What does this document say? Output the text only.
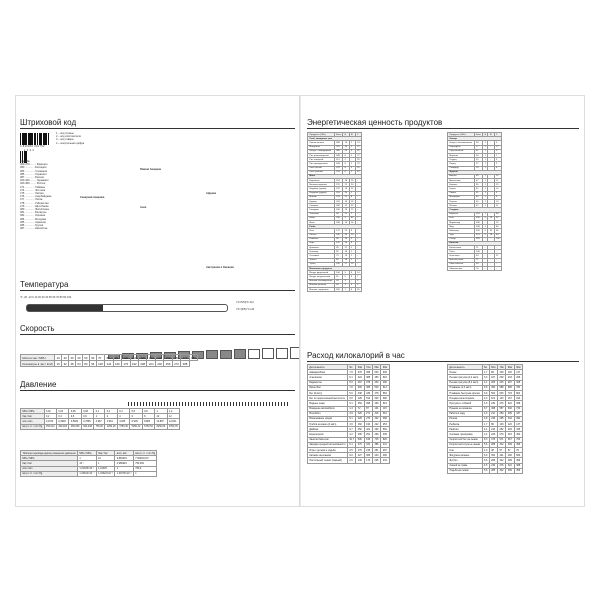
Штриховой код
4 810000 091752
1 2 3 4
1 – код страны
2 – код изготовителя
3 – код товара
4 – контрольная цифра
Европа
300-379 ........ Франция
380 ............. Болгария
383 ............. Словения
385 ............. Хорватия
387 ............. Босния
400-440 ........ Германия
460-469 ........ Россия
471 ............. Тайвань
474 ............. Эстония
475 ............. Латвия
476 ............. Азербайджан
477 ............. Литва
478 ............. Узбекистан
479 ............. Шри-Ланка
480 ............. Филиппины
481 ............. Беларусь
482 ............. Украина
484 ............. Молдова
485 ............. Армения
486 ............. Грузия
487 ............. Казахстан
Северная Америка
Южная Америка
Азия
Африка
Австралия и Океания
Температура
°F -20 -10 0 10 20 30 40 50 60 70 80 90 100
t°C=5/9(t°F-32)
t°F=(9/5)t°C+32
Скорость
Мили в час / MPH	10	20	30	40	50	60	70	80	90	100	110	120	130	140	150	160	170	180
Километры в час / km/h	16	32	48	64	80	96	128	144	160	176	192	208	224	240	256	272	288	
Давление
МПа / MPa	0,02	0,04	0,06	0,08	0,1	0,2	0,4	0,6	0,8	1	1,2
бар / bar	0,2	0,4	0,6	0,8	1	2	4	6	8	10	12
атм / atm	0,1974	0,3948	0,5922	0,7896	0,987	2,961	4,935	6,909	8,883	10,857	12,831
мм рт. ст. / mm Hg	150,012	300,024	450,036	600,048	750,06	2250,18	3750,30	5250,42	6750,54	8250,66	9750,78
Таблица перевода единиц измерения давления	МПа / MPa	бар / bar	атм / atm	мм рт. ст. / mm Hg
МПа / MPa	1	10	9,869233	7,50062×10³
бар / bar	10⁻¹	1	0,986923	750,062
атм / atm	1,01325×10⁻¹	1,01325	1	760,0
мм рт. ст. / mm Hg	1,33322×10⁻⁴	1,33322×10⁻³	1,31579×10⁻³	1
Энергетическая ценность продуктов
Продукты (100г)	Ккал	Б	Ж	У
Хлеб, макароны, рис				
Лапша яичная	384	14	2	74
Макароны	337	10	1	71
Пицца с помидорами	368	23	4	52
Рис длиннозерный	349	6	1	77
Рис отварной	113	2	-	25
Рис пропаренный	344	8	1	76
Хлеб белый	279	8	2	52
Хлеб ржаной	214	6	1	42
Мясо				
Баранина	224	18	15	-
Ветчина варёная	270	22	20	-
Индейка (тушка)	276	19	22	-
Индейка (грудка)	105	24	1	-
Кролик	153	21	8	-
Курица	241	18	19	-
Свинина	356	17	32	-
Говядина	190	19	12	-
Телятина	94	21	1	-
Шпик	750	3	82	-
Язык	208	16	16	-
Рыба				
Кета	172	22	9	-
Лосось	180	23	10	-
Камбала	94	19	2	-
Карп	122	18	6	-
Креветки	95	21	1	-
Кальмар	92	18	1	-
Осьминог	73	15	1	-
Треска	82	18	1	-
Тунец	226	27	13	-
Молочные продукты				
Йогурт фруктовый	100	5	3	14
Йогурт натуральный	61	5	3	7
Молоко обезжиренное	34	3	-	5
Молоко цельное	64	3	4	5
Молоко сгущенное	320	7	9	55
Продукты (100г)	Ккал	Б	Ж	У
Овощи				
Капуста белокочанная	28	2	-	5
Картофель	77	2	-	17
Лук репчатый	41	1	-	9
Морковь	33	1	-	7
Огурец	15	1	-	3
Перец	27	1	-	5
Помидор	23	1	-	4
Фрукты				
Ананас	49	1	-	12
Апельсины	47	1	-	11
Бананы	95	1	-	23
Груша	42	1	-	10
Лимон	31	1	-	3
Мандарин	40	1	-	9
Персик	45	1	-	10
Яблоко	47	1	-	11
Сладкое				
Варенье	263	1	-	69
Кекс	350	5	14	52
Мармелад	290	-	-	76
Мёд	308	1	-	80
Шоколад	535	6	35	56
Торт	370	5	18	49
Сахар	399	-	-	100
Напитки				
Белое вино	71	-	-	-
Пиво	240	-	-	-
Кока-кола	43	-	-	11
Красное вино	71	-	-	-
Пиво светлое	34	-	-	-
Шампанское	76	-	-	-
Расход килокалорий в час
Деятельность	5кг	60кг	70кг	80кг	90кг
Аквааэробика	7,9	378	458	530	609
Альпинизм	6,1	324	388	453	518
Бадминтон	5,9	316	375	430	490
Баскетбол	7,8	390	465	540	614
Бег (6 км/ч)	5,9	348	436	478	554
Бег по пересечённой местности	6,6	428	514	600	686
Водные лыжи	5,1	350	398	460	519
Вождение автомобиля	1,4	72	87	101	115
Волейбол	3,9	226	271	316	361
Вскапывание грядок	5,1	228	276	322	368
Гребля на каноэ (4 км/ч)	3,6	160	190	222	253
Дайвинг	6,7	350	421	490	560
Езда верхом	4,2	209	251	293	335
Занятия балетом	10,7	506	615	715	820
Зарядка средней интенсивности	6,1	276	331	386	441
Игра с детьми и ходьба	3,5	179	215	251	287
Катание на коньках	6,0	327	365	434	496
Настольный теннис (парный)	2,9	149	176	205	234
Деятельность	5кг	60кг	70кг	80кг	90кг
Пение	1,7	86	103	120	137
Пешая прогулка (4,2 км/ч)	3,3	167	200	233	266
Пешая прогулка (5,2 км/ч)	4,1	205	246	287	328
Плавание (2,4 км/ч)	9,6	490	588	686	784
Плавание быстрым кролем	9,9	502	603	703	804
Поездка на мотоцикле	2,3	119	143	167	190
Прогулка с собакой	4,5	230	276	322	368
Прыжки на скакалке	8,7	468	557	640	734
Работа в саду	4,3	211	253	295	337
Ролики	4,8	246	295	344	394
Рыбалка	1,7	86	103	120	137
Рафтинг	4,1	210	252	294	336
Силовая тренировка	4,4	225	270	315	360
Скоростной бег на лыжах	9,3	476	571	667	762
Скоростной спуск на лыжах	5,6	285	342	399	456
Сон	1,0	48	57	67	76
Фигурное катание	6,9	354	421	490	560
Футбол	5,6	285	342	399	456
Хоккей на траве	4,5	230	276	322	368
Ходьба на лыжах	5,6	285	342	399	456
